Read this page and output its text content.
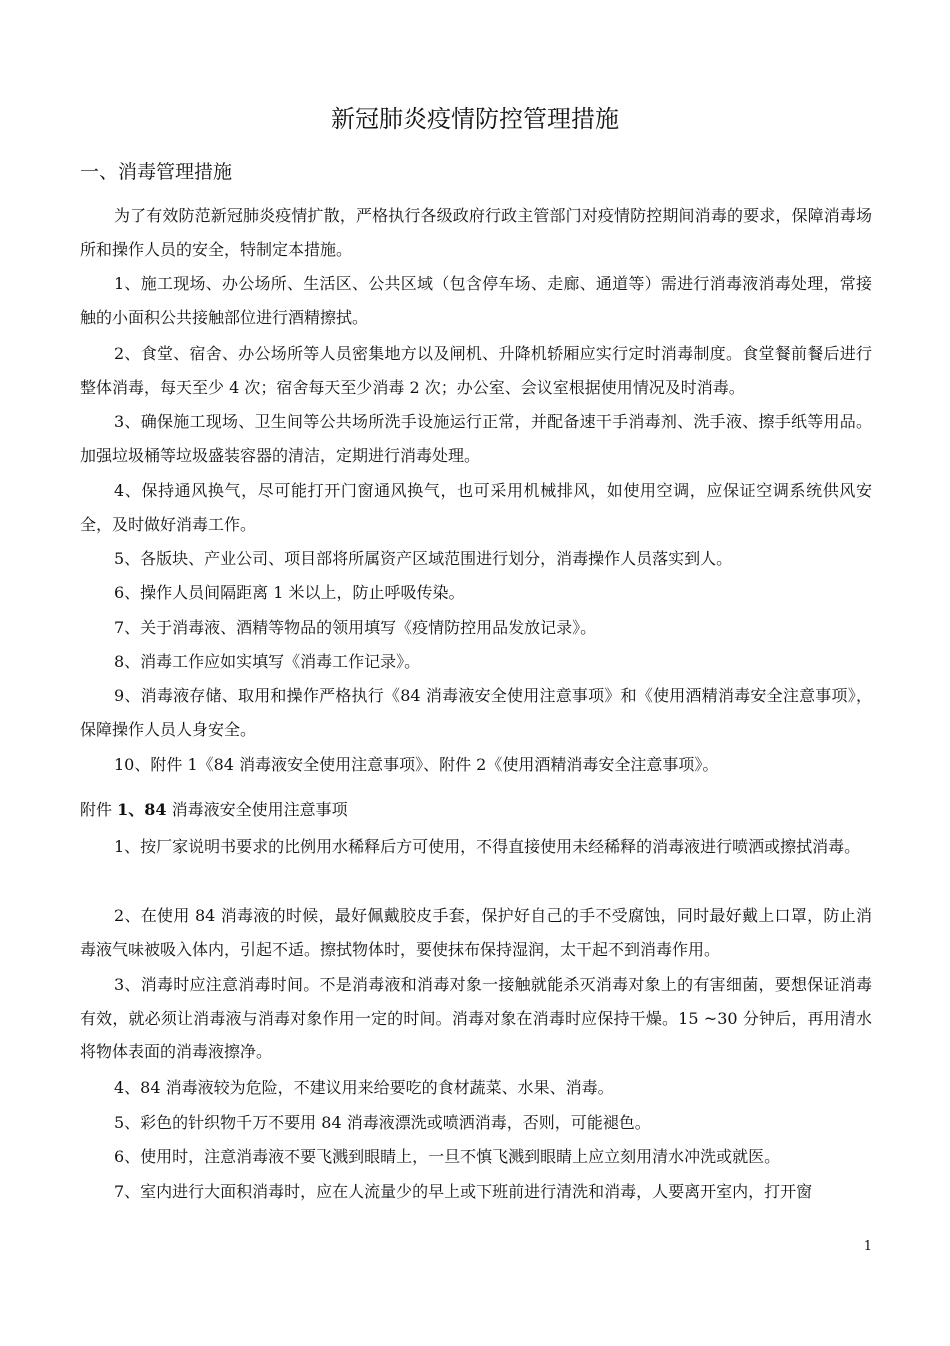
新冠肺炎疫情防控管理措施
一、消毒管理措施

为了有效防范新冠肺炎疫情扩散，严格执行各级政府行政主管部门对疫情防控期间消毒的要求，保障消毒场所和操作人员的安全，特制定本措施。

1、施工现场、办公场所、生活区、公共区域（包含停车场、走廊、通道等）需进行消毒液消毒处理，常接触的小面积公共接触部位进行酒精擦拭。

2、食堂、宿舍、办公场所等人员密集地方以及闸机、升降机轿厢应实行定时消毒制度。食堂餐前餐后进行整体消毒，每天至少 4 次；宿舍每天至少消毒 2 次；办公室、会议室根据使用情况及时消毒。

3、确保施工现场、卫生间等公共场所洗手设施运行正常，并配备速干手消毒剂、洗手液、擦手纸等用品。加强垃圾桶等垃圾盛装容器的清洁，定期进行消毒处理。

4、保持通风换气，尽可能打开门窗通风换气，也可采用机械排风，如使用空调，应保证空调系统供风安全，及时做好消毒工作。

5、各版块、产业公司、项目部将所属资产区域范围进行划分，消毒操作人员落实到人。

6、操作人员间隔距离 1 米以上，防止呼吸传染。

7、关于消毒液、酒精等物品的领用填写《疫情防控用品发放记录》。

8、消毒工作应如实填写《消毒工作记录》。

9、消毒液存储、取用和操作严格执行《84 消毒液安全使用注意事项》和《使用酒精消毒安全注意事项》，保障操作人员人身安全。

10、附件 1《84 消毒液安全使用注意事项》、附件 2《使用酒精消毒安全注意事项》。

附件 1、84 消毒液安全使用注意事项

1、按厂家说明书要求的比例用水稀释后方可使用，不得直接使用未经稀释的消毒液进行喷洒或擦拭消毒。

2、在使用 84 消毒液的时候，最好佩戴胶皮手套，保护好自己的手不受腐蚀，同时最好戴上口罩，防止消毒液气味被吸入体内，引起不适。擦拭物体时，要使抹布保持湿润，太干起不到消毒作用。

3、消毒时应注意消毒时间。不是消毒液和消毒对象一接触就能杀灭消毒对象上的有害细菌，要想保证消毒有效，就必须让消毒液与消毒对象作用一定的时间。消毒对象在消毒时应保持干燥。15 ~30 分钟后，再用清水将物体表面的消毒液擦净。

4、84 消毒液较为危险，不建议用来给要吃的食材蔬菜、水果、消毒。

5、彩色的针织物千万不要用 84 消毒液漂洗或喷洒消毒，否则，可能褪色。

6、使用时，注意消毒液不要飞溅到眼睛上，一旦不慎飞溅到眼睛上应立刻用清水冲洗或就医。

7、室内进行大面积消毒时，应在人流量少的早上或下班前进行清洗和消毒，人要离开室内，打开窗

1
